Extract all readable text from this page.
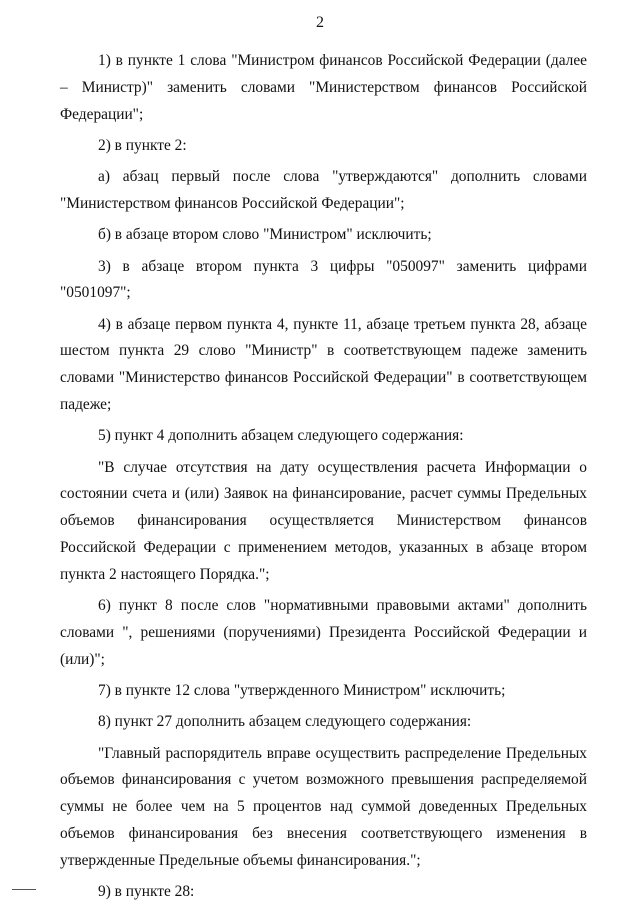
2

1) в пункте 1 слова "Министром финансов Российской Федерации (далее – Министр)" заменить словами "Министерством финансов Российской Федерации";

2) в пункте 2:

а) абзац первый после слова "утверждаются" дополнить словами "Министерством финансов Российской Федерации";

б) в абзаце втором слово "Министром" исключить;

3) в абзаце втором пункта 3 цифры "050097" заменить цифрами "0501097";

4) в абзаце первом пункта 4, пункте 11, абзаце третьем пункта 28, абзаце шестом пункта 29 слово "Министр" в соответствующем падеже заменить словами "Министерство финансов Российской Федерации" в соответствующем падеже;

5) пункт 4 дополнить абзацем следующего содержания:

"В случае отсутствия на дату осуществления расчета Информации о состоянии счета и (или) Заявок на финансирование, расчет суммы Предельных объемов финансирования осуществляется Министерством финансов Российской Федерации с применением методов, указанных в абзаце втором пункта 2 настоящего Порядка.";

6) пункт 8 после слов "нормативными правовыми актами" дополнить словами ", решениями (поручениями) Президента Российской Федерации и (или)";

7) в пункте 12 слова "утвержденного Министром" исключить;

8) пункт 27 дополнить абзацем следующего содержания:

"Главный распорядитель вправе осуществить распределение Предельных объемов финансирования с учетом возможного превышения распределяемой суммы не более чем на 5 процентов над суммой доведенных Предельных объемов финансирования без внесения соответствующего изменения в утвержденные Предельные объемы финансирования.";

9) в пункте 28:
